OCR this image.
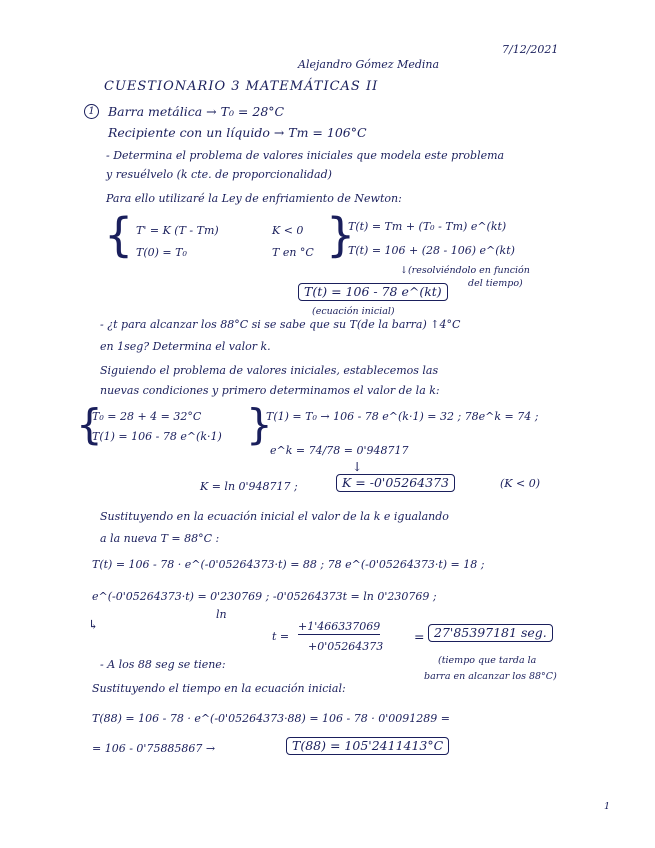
7/12/2021
Alejandro Gómez Medina
CUESTIONARIO 3 MATEMÁTICAS II
1	Barra metálica → T₀ = 28°C
Recipiente con un líquido → Tm = 106°C
- Determina el problema de valores iniciales que modela este problema
y resuélvelo (k cte. de proporcionalidad)
Para ello utilizaré la Ley de enfriamiento de Newton:
{ T' = K (T - Tm)
T(0) = T₀
K < 0
T en °C }
T(t) = Tm + (T₀ - Tm) e^(kt)
T(t) = 106 + (28 - 106) e^(kt)
↓(resolviéndolo en función
del tiempo)
T(t) = 106 - 78 e^(kt)
(ecuación inicial)
- ¿t para alcanzar los 88°C si se sabe que su T(de la barra) ↑4°C
en 1seg? Determina el valor k.
Siguiendo el problema de valores iniciales, establecemos las
nuevas condiciones y primero determinamos el valor de la k:
{
T₀ = 28 + 4 = 32°C
T(1) = 106 - 78 e^(k·1) }
T(1) = T₀ → 106 - 78 e^(k·1) = 32 ; 78e^k = 74 ;
e^k = 74/78 = 0'948717
↓
K = ln 0'948717 ;	K = -0'05264373	(K < 0)
Sustituyendo en la ecuación inicial el valor de la k e igualando
a la nueva T = 88°C :
T(t) = 106 - 78 · e^(-0'05264373·t) = 88 ; 78 e^(-0'05264373·t) = 18 ;
e^(-0'05264373·t) = 0'230769 ; -0'05264373t = ln 0'230769 ;
ln
↳
t =
+1'466337069
+0'05264373
= 27'85397181 seg.
(tiempo que tarda la
barra en alcanzar los 88°C)
- A los 88 seg se tiene:
Sustituyendo el tiempo en la ecuación inicial:
T(88) = 106 - 78 · e^(-0'05264373·88) = 106 - 78 · 0'0091289 =
= 106 - 0'75885867 →	T(88) = 105'2411413°C
1
